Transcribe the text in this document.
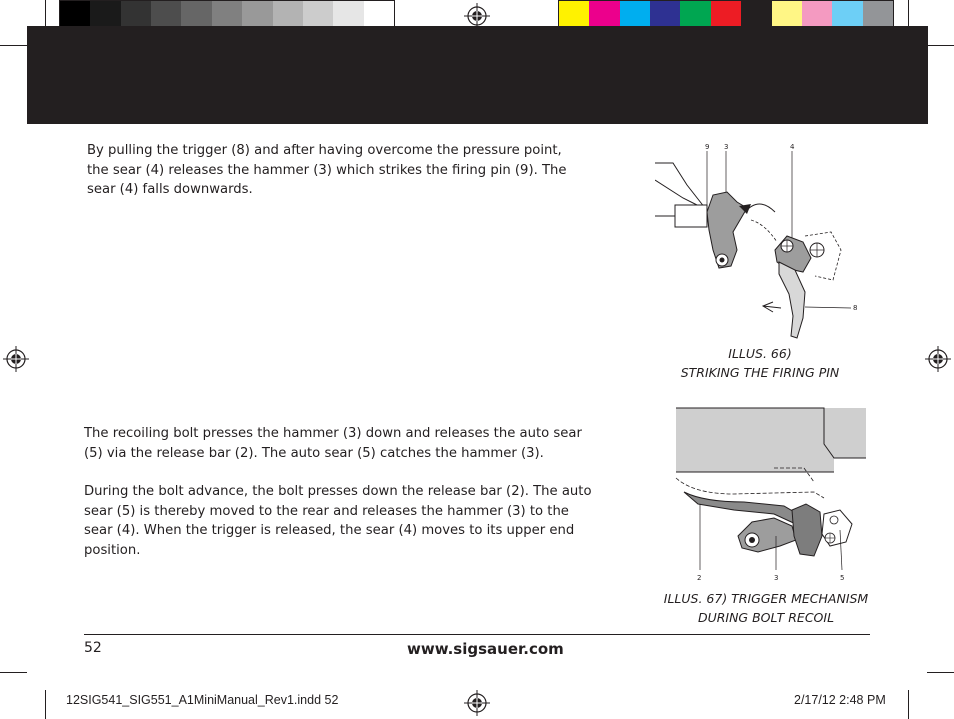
By pulling the trigger (8) and after having overcome the pressure point, the sear (4) releases the hammer (3) which strikes the firing pin (9). The sear (4) falls downwards.
9 3	4
8
ILLUS. 66)
STRIKING THE FIRING PIN
The recoiling bolt presses the hammer (3) down and releases the auto sear (5) via the release bar (2). The auto sear (5) catches the hammer (3).
During the bolt advance, the bolt presses down the release bar (2). The auto sear (5) is thereby moved to the rear and releases the hammer (3) to the sear (4). When the trigger is released, the sear (4) moves to its upper end position.
2	3	5
ILLUS. 67) TRIGGER MECHANISM
DURING BOLT RECOIL
52	www.sigsauer.com
12SIG541_SIG551_A1MiniManual_Rev1.indd 52	2/17/12 2:48 PM
